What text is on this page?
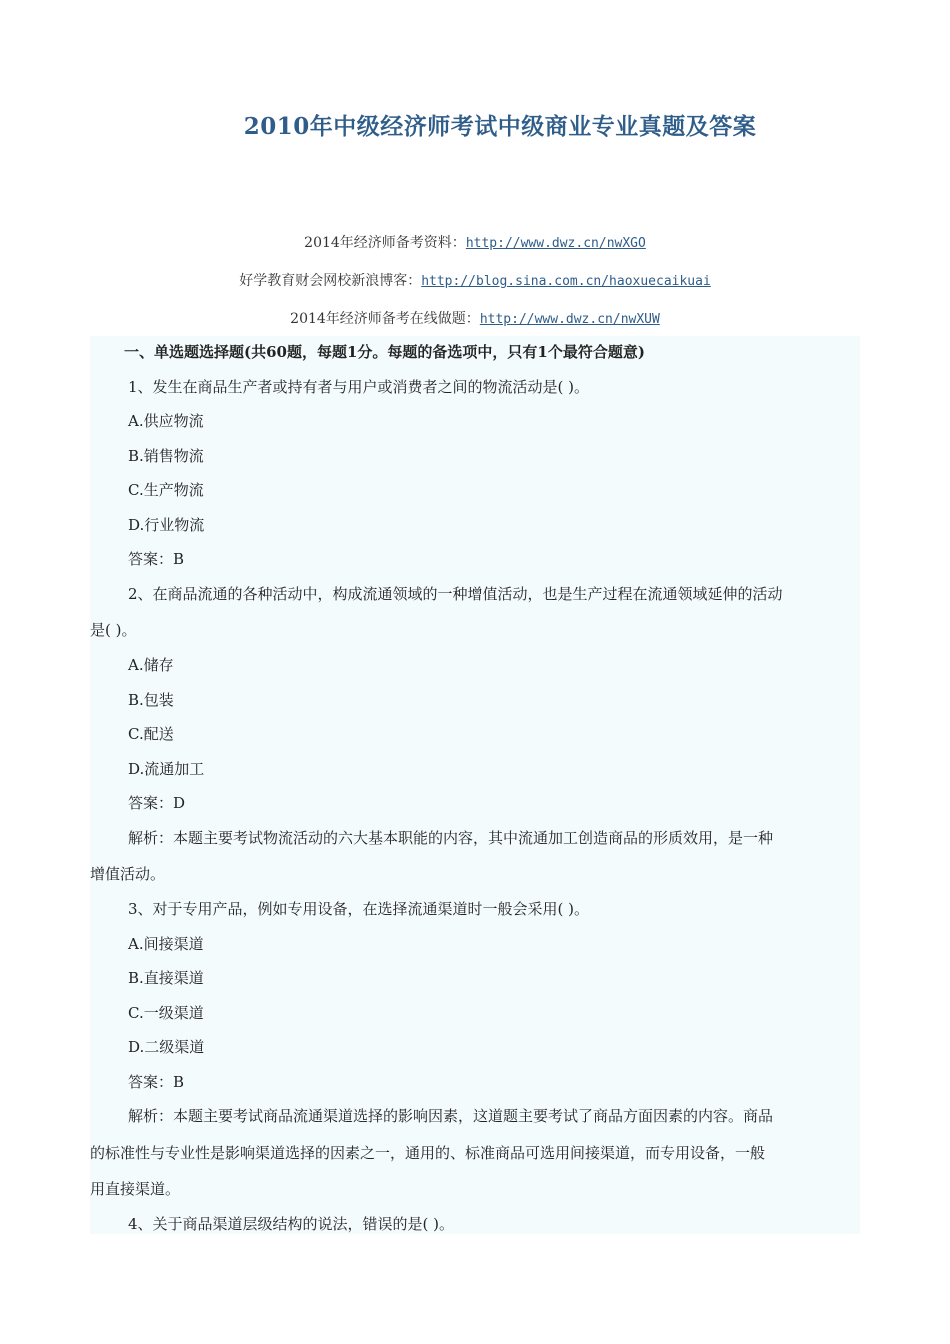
2010年中级经济师考试中级商业专业真题及答案
2014年经济师备考资料：http://www.dwz.cn/nwXGO
好学教育财会网校新浪博客：http://blog.sina.com.cn/haoxuecaikuai
2014年经济师备考在线做题：http://www.dwz.cn/nwXUW
一、单选题选择题(共60题，每题1分。每题的备选项中，只有1个最符合题意)
1、发生在商品生产者或持有者与用户或消费者之间的物流活动是( )。
A.供应物流
B.销售物流
C.生产物流
D.行业物流
答案：B
2、在商品流通的各种活动中，构成流通领域的一种增值活动，也是生产过程在流通领域延伸的活动
是( )。
A.储存
B.包装
C.配送
D.流通加工
答案：D
解析：本题主要考试物流活动的六大基本职能的内容，其中流通加工创造商品的形质效用，是一种
增值活动。
3、对于专用产品，例如专用设备，在选择流通渠道时一般会采用( )。
A.间接渠道
B.直接渠道
C.一级渠道
D.二级渠道
答案：B
解析：本题主要考试商品流通渠道选择的影响因素，这道题主要考试了商品方面因素的内容。商品
的标准性与专业性是影响渠道选择的因素之一，通用的、标准商品可选用间接渠道，而专用设备，一般
用直接渠道。
4、关于商品渠道层级结构的说法，错误的是( )。
